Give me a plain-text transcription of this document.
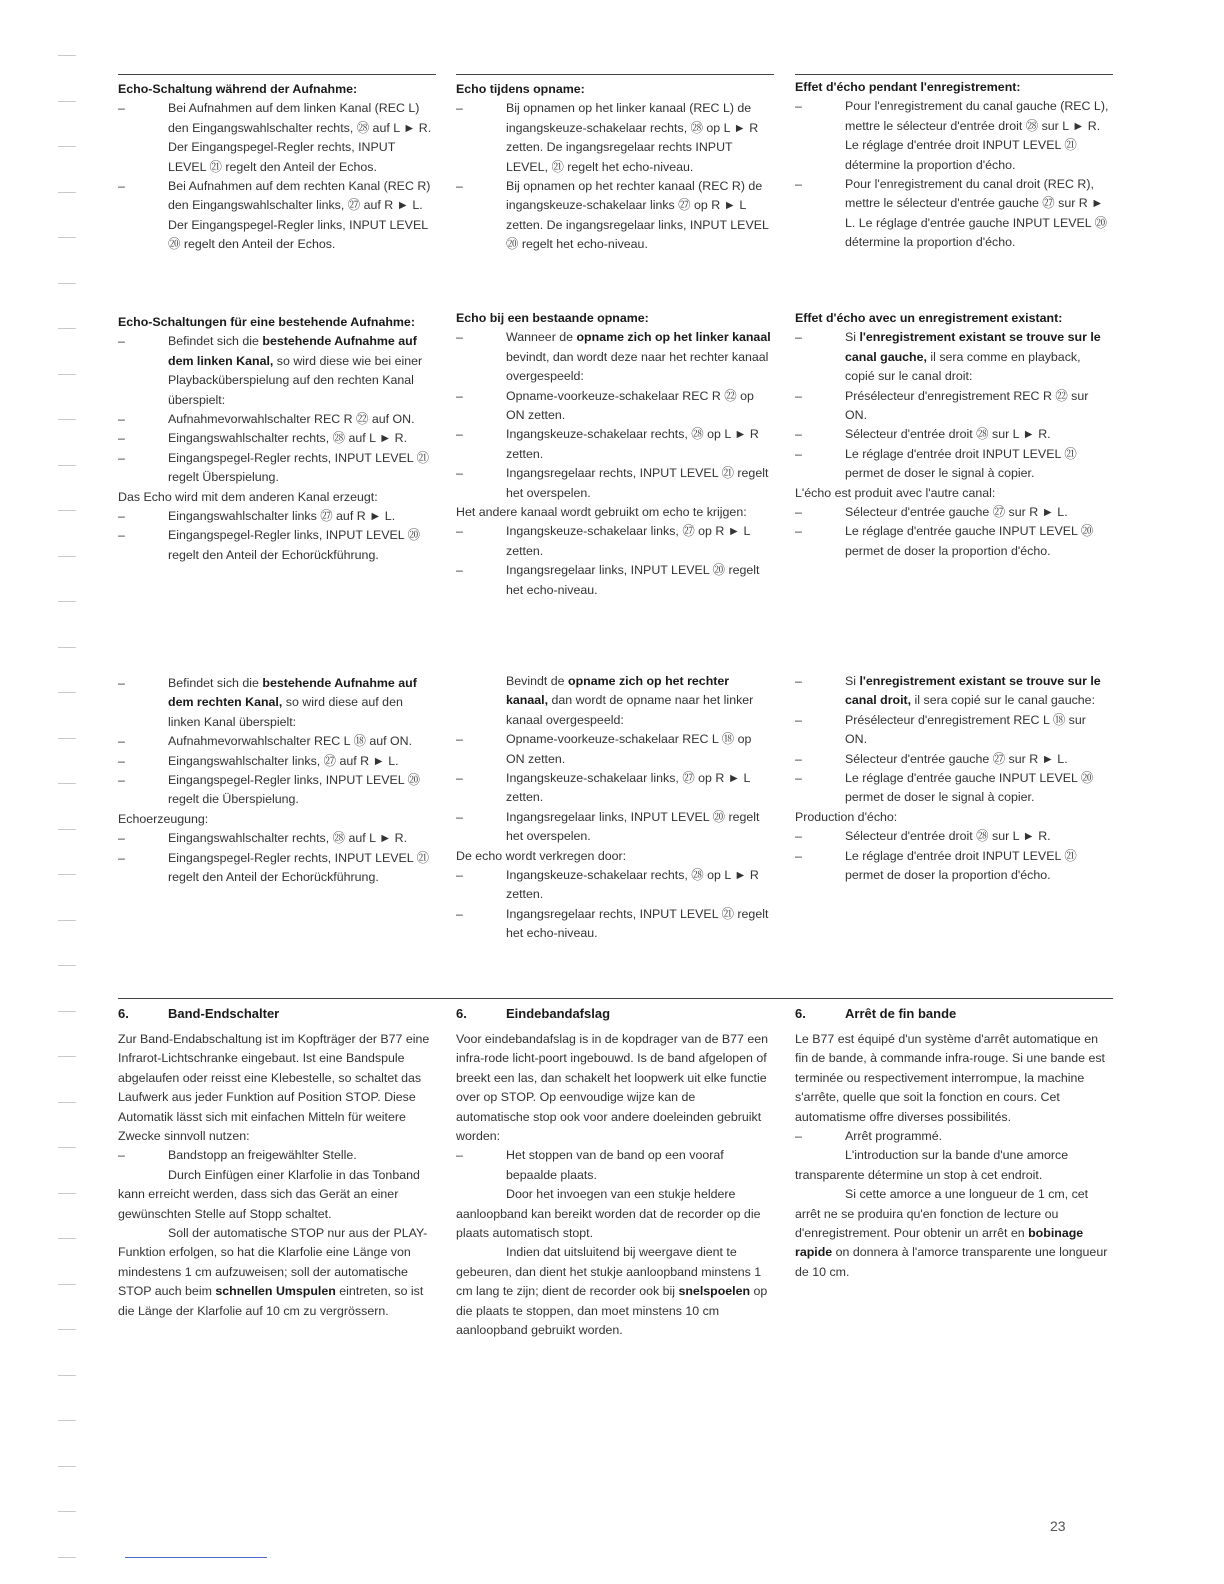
Echo-Schaltung während der Aufnahme:

–	Bei Aufnahmen auf dem linken Kanal (REC L) den Eingangswahlschalter rechts, ㉘ auf L ► R. Der Eingangspegel-Regler rechts, INPUT LEVEL ㉑ regelt den Anteil der Echos.
–	Bei Aufnahmen auf dem rechten Kanal (REC R) den Eingangswahlschalter links, ㉗ auf R ► L. Der Eingangspegel-Regler links, INPUT LEVEL ⑳ regelt den Anteil der Echos.

Echo-Schaltungen für eine bestehende Aufnahme:

–	Befindet sich die bestehende Aufnahme auf dem linken Kanal, so wird diese wie bei einer Playbacküberspielung auf den rechten Kanal überspielt:
–	Aufnahmevorwahlschalter REC R ㉒ auf ON.
–	Eingangswahlschalter rechts, ㉘ auf L ► R.
–	Eingangspegel-Regler rechts, INPUT LEVEL ㉑ regelt Überspielung.

Das Echo wird mit dem anderen Kanal erzeugt:

–	Eingangswahlschalter links ㉗ auf R ► L.
–	Eingangspegel-Regler links, INPUT LEVEL ⑳ regelt den Anteil der Echorückführung.
–	Befindet sich die bestehende Aufnahme auf dem rechten Kanal, so wird diese auf den linken Kanal überspielt:
–	Aufnahmevorwahlschalter REC L ⑱ auf ON.
–	Eingangswahlschalter links, ㉗ auf R ► L.
–	Eingangspegel-Regler links, INPUT LEVEL ⑳ regelt die Überspielung.

Echoerzeugung:

–	Eingangswahlschalter rechts, ㉘ auf L ► R.
–	Eingangspegel-Regler rechts, INPUT LEVEL ㉑ regelt den Anteil der Echorückführung.

Echo tijdens opname:

–	Bij opnamen op het linker kanaal (REC L) de ingangskeuze-schakelaar rechts, ㉘ op L ► R zetten. De ingangsregelaar rechts INPUT LEVEL, ㉑ regelt het echo-niveau.
–	Bij opnamen op het rechter kanaal (REC R) de ingangskeuze-schakelaar links ㉗ op R ► L zetten. De ingangsregelaar links, INPUT LEVEL ⑳ regelt het echo-niveau.

Echo bij een bestaande opname:

–	Wanneer de opname zich op het linker kanaal bevindt, dan wordt deze naar het rechter kanaal overgespeeld:
–	Opname-voorkeuze-schakelaar REC R ㉒ op ON zetten.
–	Ingangskeuze-schakelaar rechts, ㉘ op L ► R zetten.
–	Ingangsregelaar rechts, INPUT LEVEL ㉑ regelt het overspelen.

Het andere kanaal wordt gebruikt om echo te krijgen:

–	Ingangskeuze-schakelaar links, ㉗ op R ► L zetten.
–	Ingangsregelaar links, INPUT LEVEL ⑳ regelt het echo-niveau.
Bevindt de opname zich op het rechter kanaal, dan wordt de opname naar het linker kanaal overgespeeld:
–	Opname-voorkeuze-schakelaar REC L ⑱ op ON zetten.
–	Ingangskeuze-schakelaar links, ㉗ op R ► L zetten.
–	Ingangsregelaar links, INPUT LEVEL ⑳ regelt het overspelen.

De echo wordt verkregen door:

–	Ingangskeuze-schakelaar rechts, ㉘ op L ► R zetten.
–	Ingangsregelaar rechts, INPUT LEVEL ㉑ regelt het echo-niveau.

Effet d'écho pendant l'enregistrement:

–	Pour l'enregistrement du canal gauche (REC L), mettre le sélecteur d'entrée droit ㉘ sur L ► R. Le réglage d'entrée droit INPUT LEVEL ㉑ détermine la proportion d'écho.
–	Pour l'enregistrement du canal droit (REC R), mettre le sélecteur d'entrée gauche ㉗ sur R ► L. Le réglage d'entrée gauche INPUT LEVEL ⑳ détermine la proportion d'écho.

Effet d'écho avec un enregistrement existant:

–	Si l'enregistrement existant se trouve sur le canal gauche, il sera comme en playback, copié sur le canal droit:
–	Présélecteur d'enregistrement REC R ㉒ sur ON.
–	Sélecteur d'entrée droit ㉘ sur L ► R.
–	Le réglage d'entrée droit INPUT LEVEL ㉑ permet de doser le signal à copier.

L'écho est produit avec l'autre canal:

–	Sélecteur d'entrée gauche ㉗ sur R ► L.
–	Le réglage d'entrée gauche INPUT LEVEL ⑳ permet de doser la proportion d'écho.
–	Si l'enregistrement existant se trouve sur le canal droit, il sera copié sur le canal gauche:
–	Présélecteur d'enregistrement REC L ⑱ sur ON.
–	Sélecteur d'entrée gauche ㉗ sur R ► L.
–	Le réglage d'entrée gauche INPUT LEVEL ⑳ permet de doser le signal à copier.

Production d'écho:

–	Sélecteur d'entrée droit ㉘ sur L ► R.
–	Le réglage d'entrée droit INPUT LEVEL ㉑ permet de doser la proportion d'écho.
6.	Band-Endschalter	6.	Eindebandafslag	6.	Arrêt de fin bande

Zur Band-Endabschaltung ist im Kopfträger der B77 eine Infrarot-Lichtschranke eingebaut. Ist eine Bandspule abgelaufen oder reisst eine Klebestelle, so schaltet das Laufwerk aus jeder Funktion auf Position STOP. Diese Automatik lässt sich mit einfachen Mitteln für weitere Zwecke sinnvoll nutzen:

–	Bandstopp an freigewählter Stelle.

Durch Einfügen einer Klarfolie in das Tonband kann erreicht werden, dass sich das Gerät an einer gewünschten Stelle auf Stopp schaltet.

Soll der automatische STOP nur aus der PLAY-Funktion erfolgen, so hat die Klarfolie eine Länge von mindestens 1 cm aufzuweisen; soll der automatische STOP auch beim schnellen Umspulen eintreten, so ist die Länge der Klarfolie auf 10 cm zu vergrössern.

Voor eindebandafslag is in de kopdrager van de B77 een infra-rode licht-poort ingebouwd. Is de band afgelopen of breekt een las, dan schakelt het loopwerk uit elke functie over op STOP. Op eenvoudige wijze kan de automatische stop ook voor andere doeleinden gebruikt worden:

–	Het stoppen van de band op een vooraf bepaalde plaats.

Door het invoegen van een stukje heldere aanloopband kan bereikt worden dat de recorder op die plaats automatisch stopt.

Indien dat uitsluitend bij weergave dient te gebeuren, dan dient het stukje aanloopband minstens 1 cm lang te zijn; dient de recorder ook bij snelspoelen op die plaats te stoppen, dan moet minstens 10 cm aanloopband gebruikt worden.

Le B77 est équipé d'un système d'arrêt automatique en fin de bande, à commande infra-rouge. Si une bande est terminée ou respectivement interrompue, la machine s'arrête, quelle que soit la fonction en cours. Cet automatisme offre diverses possibilités.

–	Arrêt programmé.

L'introduction sur la bande d'une amorce transparente détermine un stop à cet endroit.

Si cette amorce a une longueur de 1 cm, cet arrêt ne se produira qu'en fonction de lecture ou d'enregistrement. Pour obtenir un arrêt en bobinage rapide on donnera à l'amorce transparente une longueur de 10 cm.

23
